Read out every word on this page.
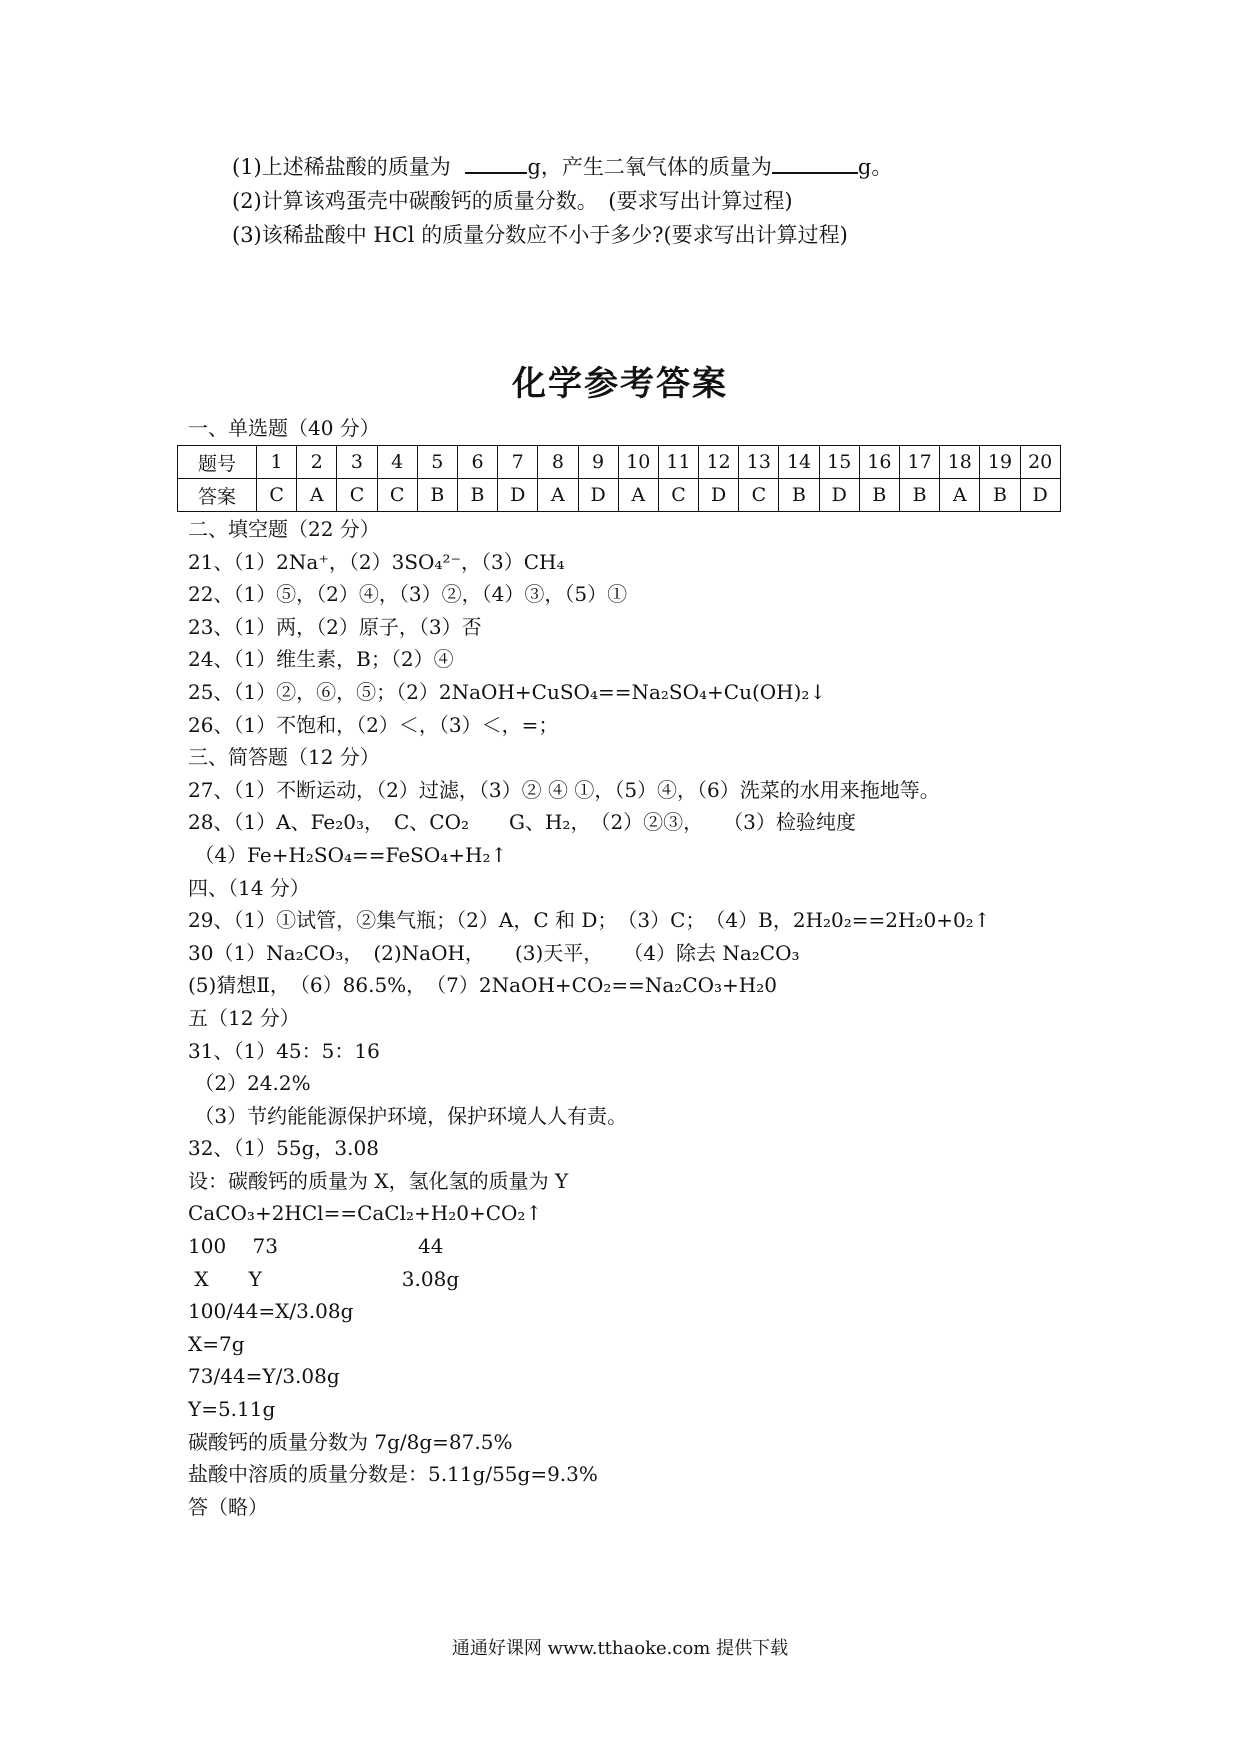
(1)上述稀盐酸的质量为	g，产生二氧气体的质量为	g。
(2)计算该鸡蛋壳中碳酸钙的质量分数。　(要求写出计算过程)
(3)该稀盐酸中 HCl 的质量分数应不小于多少?(要求写出计算过程)
化学参考答案
一、单选题（40 分）
题号	1	2	3	4	5	6	7	8	9	10	11	12	13	14	15	16	17	18	19	20
答案	C	A	C	C	B	B	D	A	D	A	C	D	C	B	D	B	B	A	B	D
二、填空题（22 分）
21、（1）2Na⁺，（2）3SO₄²⁻，（3）CH₄
22、（1）⑤，（2）④，（3）②，（4）③，（5）①
23、（1）两，（2）原子，（3）否
24、（1）维生素，B；（2）④
25、（1）②，⑥，⑤；（2）2NaOH+CuSO₄==Na₂SO₄+Cu(OH)₂↓
26、（1）不饱和，（2）＜，（3）＜，=；
三、简答题（12 分）
27、（1）不断运动，（2）过滤，（3）② ④ ①，（5）④，（6）洗菜的水用来拖地等。
28、（1）A、Fe₂0₃，　C、CO₂　　G、H₂，　（2）②③，　　（3）检验纯度
（4）Fe+H₂SO₄==FeSO₄+H₂↑
四、（14 分）
29、（1）①试管，②集气瓶；（2）A，C 和 D；　（3）C；　（4）B，2H₂0₂==2H₂0+0₂↑
30（1）Na₂CO₃，　(2)NaOH，　　(3)天平，　　（4）除去 Na₂CO₃
(5)猜想Ⅱ，　（6）86.5%，　（7）2NaOH+CO₂==Na₂CO₃+H₂0
五（12 分）
31、（1）45：5：16
（2）24.2%
（3）节约能能源保护环境，保护环境人人有责。
32、（1）55g，3.08
设：碳酸钙的质量为 X，氢化氢的质量为 Y
CaCO₃+2HCl==CaCl₂+H₂0+CO₂↑
100　 73　　　　　　　44
X　　Y　　　　　　　3.08g
100/44=X/3.08g
X=7g
73/44=Y/3.08g
Y=5.11g
碳酸钙的质量分数为 7g/8g=87.5%
盐酸中溶质的质量分数是：5.11g/55g=9.3%
答（略）
通通好课网 www.tthaoke.com 提供下载
